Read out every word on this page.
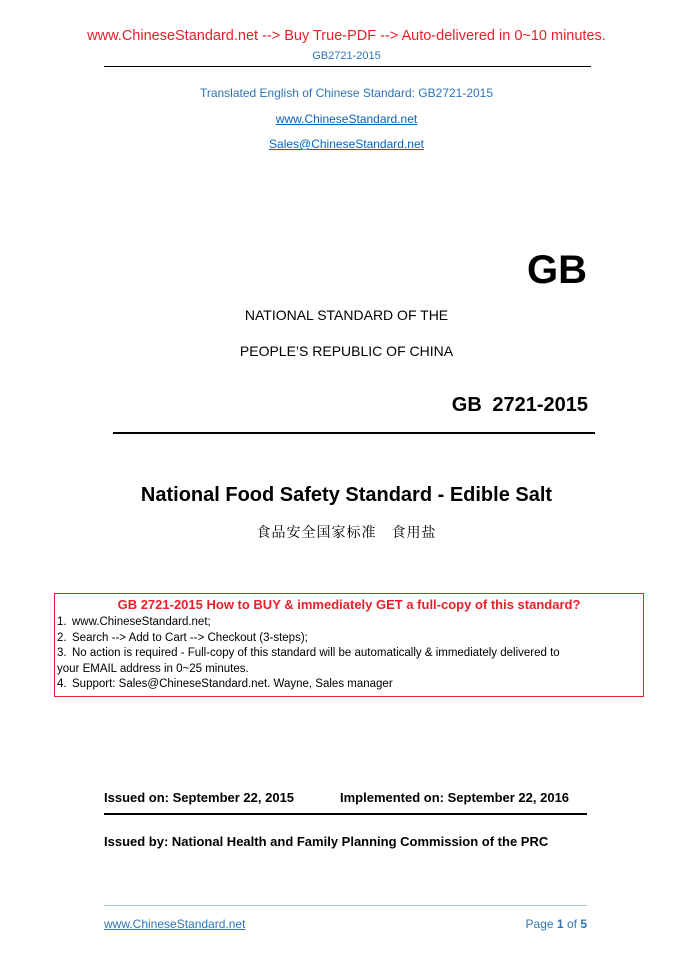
www.ChineseStandard.net --> Buy True-PDF --> Auto-delivered in 0~10 minutes.
GB2721-2015
Translated English of Chinese Standard: GB2721-2015
www.ChineseStandard.net
Sales@ChineseStandard.net
GB
NATIONAL STANDARD OF THE
PEOPLE’S REPUBLIC OF CHINA
GB 2721-2015
National Food Safety Standard - Edible Salt
食品安全国家标准　食用盐
GB 2721-2015 How to BUY & immediately GET a full-copy of this standard?
1. www.ChineseStandard.net;
2. Search --> Add to Cart --> Checkout (3-steps);
3. No action is required - Full-copy of this standard will be automatically & immediately delivered to
your EMAIL address in 0~25 minutes.
4. Support: Sales@ChineseStandard.net. Wayne, Sales manager
Issued on: September 22, 2015	Implemented on: September 22, 2016
Issued by: National Health and Family Planning Commission of the PRC
www.ChineseStandard.net	Page 1 of 5
